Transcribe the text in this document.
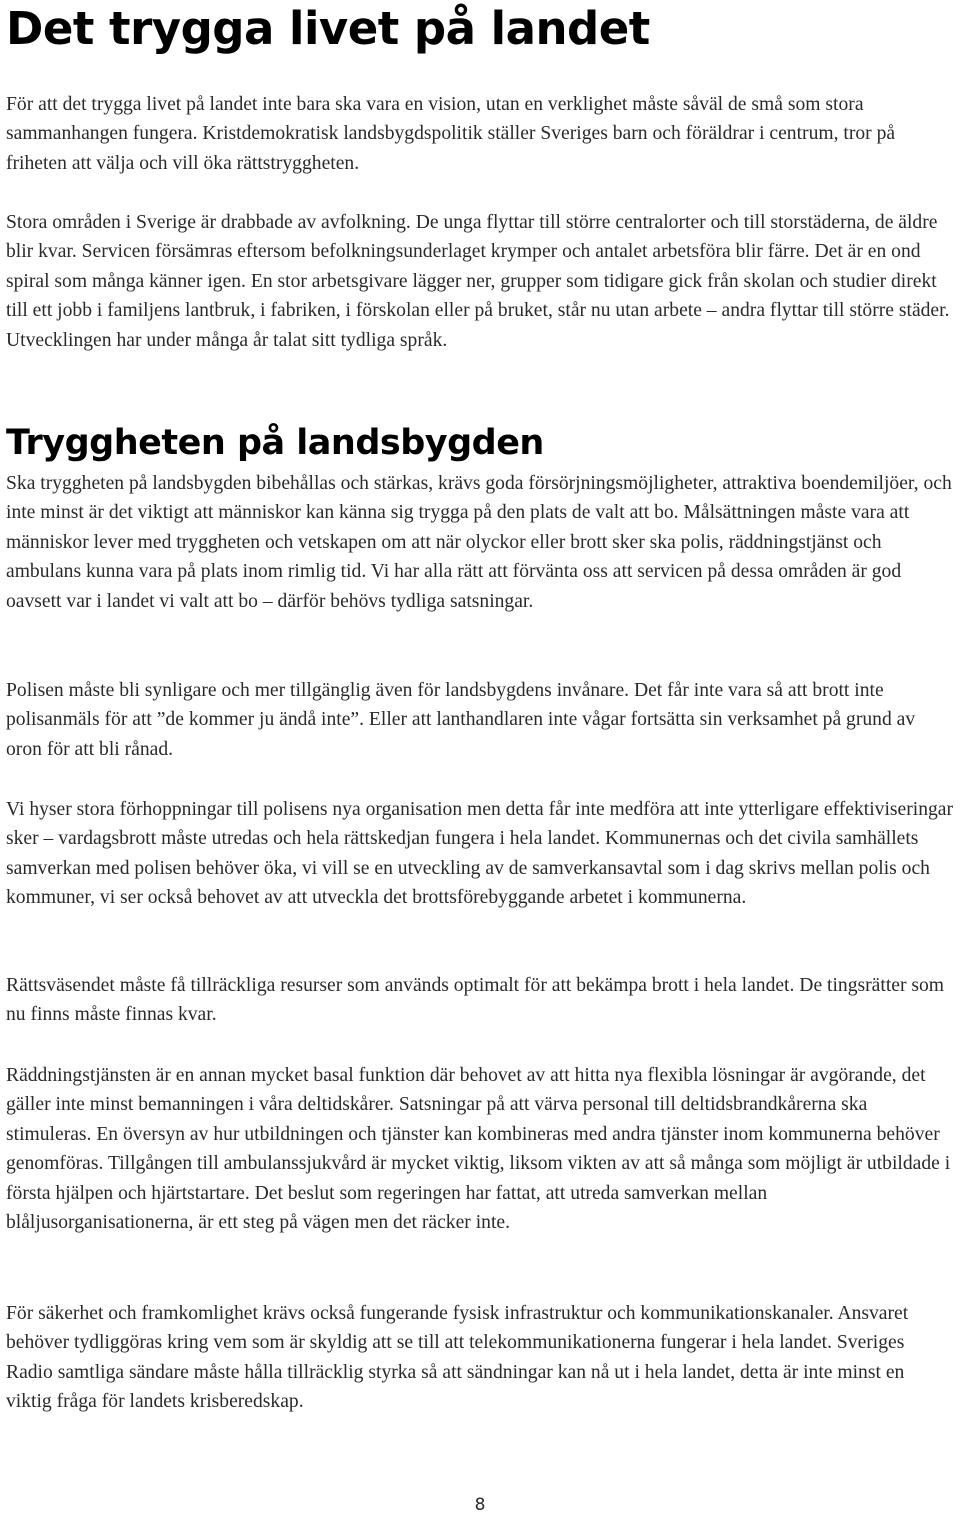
Det trygga livet på landet

För att det trygga livet på landet inte bara ska vara en vision, utan en verklighet måste såväl de små som stora sammanhangen fungera. Kristdemokratisk landsbygdspolitik ställer Sveriges barn och föräldrar i centrum, tror på friheten att välja och vill öka rättstryggheten.

Stora områden i Sverige är drabbade av avfolkning. De unga flyttar till större centralorter och till storstäderna, de äldre blir kvar. Servicen försämras eftersom befolkningsunderlaget krymper och antalet arbetsföra blir färre. Det är en ond spiral som många känner igen. En stor arbetsgivare lägger ner, grupper som tidigare gick från skolan och studier direkt till ett jobb i familjens lantbruk, i fabriken, i förskolan eller på bruket, står nu utan arbete – andra flyttar till större städer. Utvecklingen har under många år talat sitt tydliga språk.

Tryggheten på landsbygden

Ska tryggheten på landsbygden bibehållas och stärkas, krävs goda försörjningsmöjligheter, attraktiva boendemiljöer, och inte minst är det viktigt att människor kan känna sig trygga på den plats de valt att bo. Målsättningen måste vara att människor lever med tryggheten och vetskapen om att när olyckor eller brott sker ska polis, räddningstjänst och ambulans kunna vara på plats inom rimlig tid. Vi har alla rätt att förvänta oss att servicen på dessa områden är god oavsett var i landet vi valt att bo – därför behövs tydliga satsningar.

Polisen måste bli synligare och mer tillgänglig även för landsbygdens invånare. Det får inte vara så att brott inte polisanmäls för att ”de kommer ju ändå inte”. Eller att lanthandlaren inte vågar fortsätta sin verksamhet på grund av oron för att bli rånad.

Vi hyser stora förhoppningar till polisens nya organisation men detta får inte medföra att inte ytterligare effektiviseringar sker – vardagsbrott måste utredas och hela rättskedjan fungera i hela landet. Kommunernas och det civila samhällets samverkan med polisen behöver öka, vi vill se en utveckling av de samverkansavtal som i dag skrivs mellan polis och kommuner, vi ser också behovet av att utveckla det brottsförebyggande arbetet i kommunerna.

Rättsväsendet måste få tillräckliga resurser som används optimalt för att bekämpa brott i hela landet. De tingsrätter som nu finns måste finnas kvar.

Räddningstjänsten är en annan mycket basal funktion där behovet av att hitta nya flexibla lösningar är avgörande, det gäller inte minst bemanningen i våra deltidskårer. Satsningar på att värva personal till deltidsbrandkårerna ska stimuleras. En översyn av hur utbildningen och tjänster kan kombineras med andra tjänster inom kommunerna behöver genomföras. Tillgången till ambulanssjukvård är mycket viktig, liksom vikten av att så många som möjligt är utbildade i första hjälpen och hjärtstartare. Det beslut som regeringen har fattat, att utreda samverkan mellan blåljusorganisationerna, är ett steg på vägen men det räcker inte.

För säkerhet och framkomlighet krävs också fungerande fysisk infrastruktur och kommunikationskanaler. Ansvaret behöver tydliggöras kring vem som är skyldig att se till att telekommunikationerna fungerar i hela landet. Sveriges Radio samtliga sändare måste hålla tillräcklig styrka så att sändningar kan nå ut i hela landet, detta är inte minst en viktig fråga för landets krisberedskap.

8
